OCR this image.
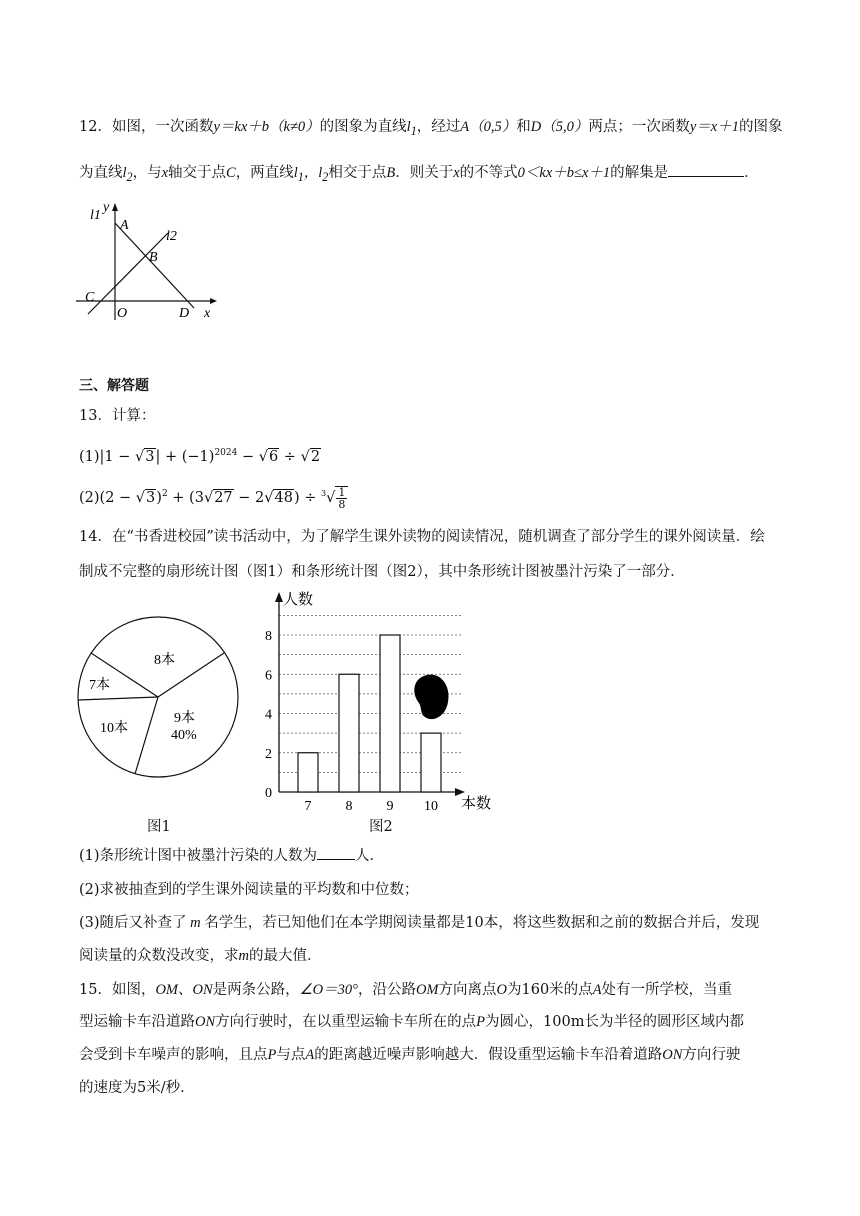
12．如图，一次函数y＝kx＋b（k≠0）的图象为直线$l_1$，经过A（0,5）和D（5,0）两点；一次函数y＝x＋1的图象
为直线$l_2$，与x轴交于点C，两直线$l_1$，$l_2$相交于点B．则关于x的不等式0＜kx＋b≤x＋1的解集是	．
l1
y
A
l2
B
C
O	D x
三、解答题
13．计算：
$(1)|1 - √3| + (-1)^{2024} - √6 \div √2$
$(2)(2 - √3)^2 + (3√27 - 2√48) \div ^3√ \frac{1}{8}$
14．在“书香进校园”读书活动中，为了解学生课外读物的阅读情况，随机调查了部分学生的课外阅读量．绘
制成不完整的扇形统计图（图1）和条形统计图（图2），其中条形统计图被墨汁污染了一部分．
8本
7本
10本
9本
40%
图1
人数
本数
0
2
4
6
8
7 8 9 10
图2
(1)条形统计图中被墨汁污染的人数为	人．
(2)求被抽查到的学生课外阅读量的平均数和中位数；
(3)随后又补查了 m 名学生，若已知他们在本学期阅读量都是10本，将这些数据和之前的数据合并后，发现
阅读量的众数没改变，求m的最大值．
15．如图，OM、ON是两条公路，∠O＝30°，沿公路OM方向离点O为160米的点A处有一所学校，当重
型运输卡车沿道路ON方向行驶时，在以重型运输卡车所在的点P为圆心，100m长为半径的圆形区域内都
会受到卡车噪声的影响，且点P与点A的距离越近噪声影响越大．假设重型运输卡车沿着道路ON方向行驶
的速度为5米/秒．
